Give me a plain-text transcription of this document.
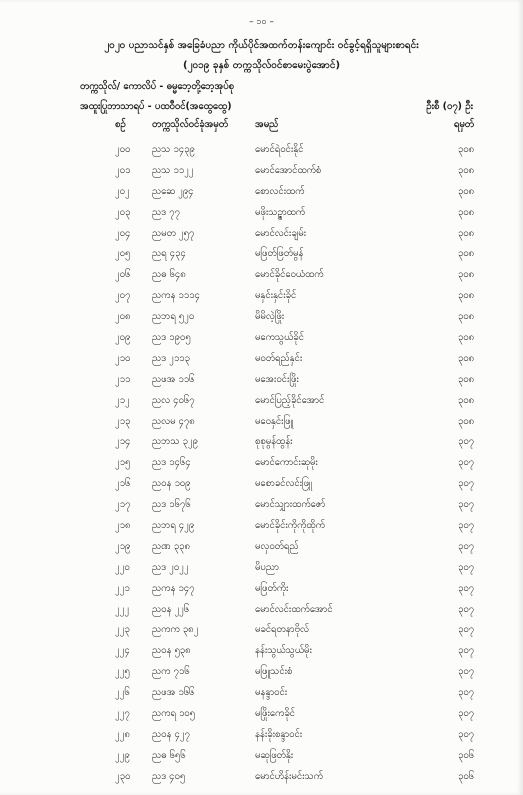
– ၁၀ –
၂၀၂၀ ပညာသင်နှစ် အခြေခံပညာ ကိုယ်ပိုင်အထက်တန်းကျောင်း ဝင်ခွင့်ရရှိသူများစာရင်း
(၂၀၁၉ ခုနှစ် တက္ကသိုလ်ဝင်စာမေးပွဲအောင်)
တက္ကသိုလ်/ ကောလိပ် - ဓမ္မဘေ့တို့ဘေ့အုပ်စု
အထူးပြုဘာသာရပ် - ပထဝီဝင်(အထွေထွေ)	ဦးစီ (၀၇) ဦး
စဉ်	တက္ကသိုလ်ဝင်ခုံအမှတ်	အမည်	ရမှတ်
၂၀၀ ညသ ၁၄၃၉	မောင်ရဲဝင်းနိုင်	၃၀၈
၂၀၁ ညသ ၁၁၂၂	မောင်အောင်ထက်စံ	၃၀၈
၂၀၂ ညဆေ ၂၉၄	စောလင်းထက်	၃၀၈
၂၀၃ ညဒ ၇၇	မဖိုးသဉ္ဇာထက်	၃၀၈
၂၀၄ ညမတ ၂၅၇	မောင်လင်းချမ်း	၃၀၈
၂၀၅ ညရ ၄၃၄	မဖြတ်ဖြတ်မွန်	၃၀၈
၂၀၆ ညဓ ၆၄၈	မောင်ခိုင်ဝေယံထက်	၃၀၈
၂၀၇ ညကန ၁၁၁၄	မနှင်းနှင်းခိုင်	၃၀၈
၂၀၈ ညဘရ ၅၂၀	မိမိလဲ့ဖြိုး	၃၀၈
၂၀၉ ညဒ ၁၉၀၅	မကေသွယ်ခိုင်	၃၀၈
၂၁၀ ညဒ ၂၁၁၃	မဝတ်ရည်နှင်း	၃၀၈
၂၁၁ ညဖအ ၁၁၆	မအေးဝင်းဖြိုး	၃၀၈
၂၁၂ ညလ ၄၀၆၇	မောင်ပြည့်ခိုင်အောင်	၃၀၈
၂၁၃ ညလမ ၄၇၈	မဝေနှင်းဖြူ	၃၀၈
၂၁၄ ညဘသ ၃၂၉	စုစုမွန်ထွန်း	၃၀၇
၂၁၅ ညဒ ၁၄၆၄	မောင်ကောင်းဆုမိုး	၃၀၇
၂၁၆ ညဝန ၁၀၉	မစောခင်လင်းဖြူ	၃၀၇
၂၁၇ ညဒ ၁၆၇၆	မောင်သျှားထက်ဇော်	၃၀၇
၂၁၈ ညဘရ ၄၂၉	မောင်ခိုင်းကိုကိုထိုက်	၃၀၇
၂၁၉ ညဏ ၃၃၈	မလှဝတ်ရည်	၃၀၇
၂၂၀ ညဒ ၂၀၂၂	မိပညာ	၃၀၇
၂၂၁ ညကန ၁၄၇	မဖြတ်ကိုး	၃၀၇
၂၂၂ ညဝန ၂၂၆	မောင်လင်းထက်အောင်	၃၀၇
၂၂၃ ညကက ၃၈၂	မခင်ရတနာဗိုလ်	၃၀၇
၂၂၄ ညဝန ၅၃၈	နန်းသွယ်သွယ်မိုး	၃၀၇
၂၂၅ ညက ၇၁၆	မဖြူသင်းစံ	၃၀၇
၂၂၆ ညဖအ ၁၆၆	မနန္ဒာဝင်း	၃၀၇
၂၂၇ ညကရ ၁၀၅	မဖြိုးကေခိုင်	၃၀၇
၂၂၈ ညဝန ၄၂၇	နန်းခိုးစန္ဒာဝင်း	၃၀၇
၂၂၉ ညဓ ၆၅၆	မဆုဖြတ်နိုး	၃၀၆
၂၃၀ ညဒ ၄၀၅	မောင်ဟိန်းမင်းသက်	၃၀၆
